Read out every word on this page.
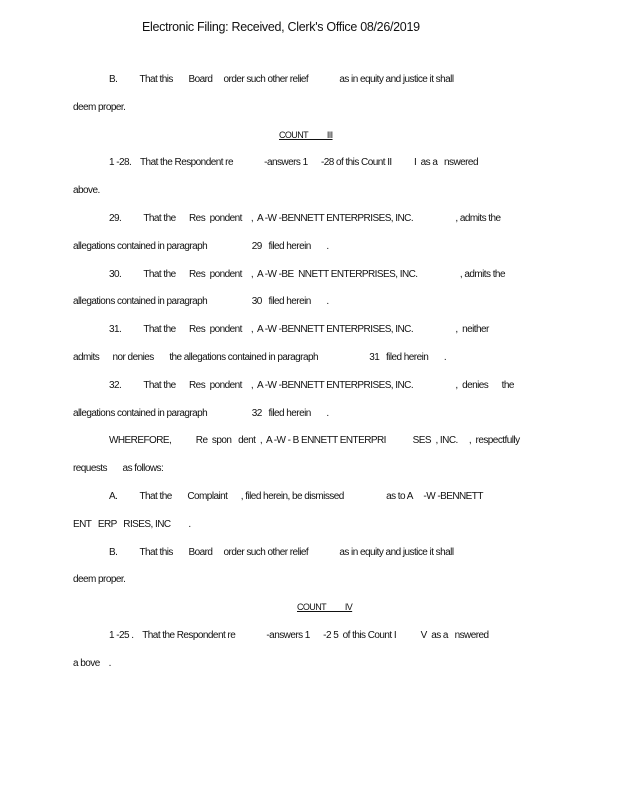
Electronic Filing: Received, Clerk's Office 08/26/2019
B.          That this       Board     order such other relief              as in equity and justice it shall
deem proper.
COUNT          III
1 -28.    That the Respondent re              -answers 1      -28 of this Count II          I  as a   nswered
above.
29.          That the      Res  pondent    ,  A -W -BENNETT ENTERPRISES, INC.                   , admits the
allegations contained in paragraph                    29   filed herein       .
30.          That the      Res  pondent    ,  A -W -BE  NNETT ENTERPRISES, INC.                   , admits the
allegations contained in paragraph                    30   filed herein       .
31.          That the      Res  pondent    ,  A -W -BENNETT ENTERPRISES, INC.                   ,  neither
admits      nor denies       the allegations contained in paragraph                       31   filed herein       .
32.          That the      Res  pondent    ,  A -W -BENNETT ENTERPRISES, INC.                   ,  denies      the
allegations contained in paragraph                    32   filed herein       .
WHEREFORE,           Re  spon   dent  ,  A -W - B ENNETT ENTERPRI            SES  , INC.     ,  respectfully
requests       as follows:
A.          That the       Complaint      , filed herein, be dismissed                   as to A     -W -BENNETT
ENT   ERP   RISES, INC        .
B.          That this       Board     order such other relief              as in equity and justice it shall
deem proper.
COUNT          IV
1 -25 .    That the Respondent re              -answers 1      -2 5  of this Count I           V  as a   nswered
a bove    .
